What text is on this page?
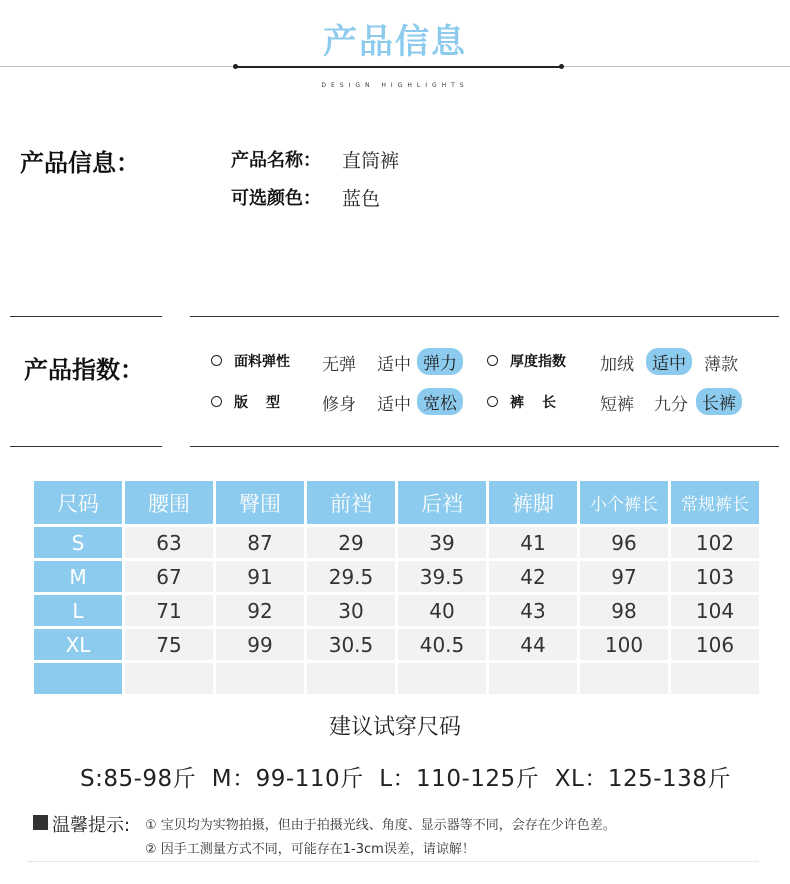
产品信息
DESIGN HIGHLIGHTS
产品信息：	产品名称： 直筒裤
可选颜色： 蓝色
产品指数：	面料弹性 无弹 适中 弹力	厚度指数 加绒	适中	薄款
版　型 修身 适中 宽松	裤　长 短裤 九分 长裤
尺码	腰围	臀围	前裆	后裆	裤脚	小个裤长	常规裤长
S	63	87	29	39	41	96	102
M	67	91	29.5	39.5	42	97	103
L	71	92	30	40	43	98	104
XL	75	99	30.5	40.5	44	100	106

建议试穿尺码
S:85-98斤  M：99-110斤  L：110-125斤  XL：125-138斤
温馨提示: ① 宝贝均为实物拍摄，但由于拍摄光线、角度、显示器等不同，会存在少许色差。
② 因手工测量方式不同，可能存在1-3cm误差，请谅解！
